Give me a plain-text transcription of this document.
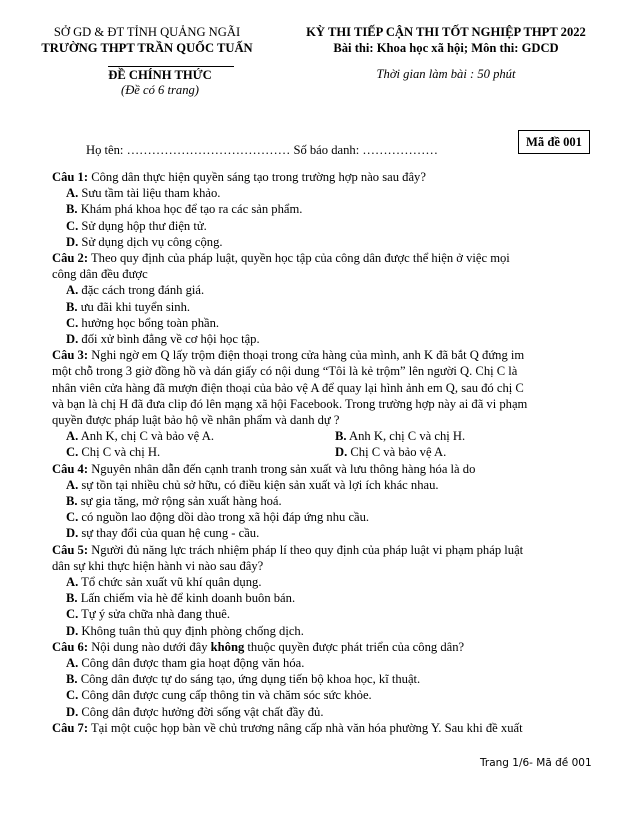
SỞ GD & ĐT TỈNH QUẢNG NGÃI
TRƯỜNG THPT TRẦN QUỐC TUẤN
ĐỀ CHÍNH THỨC
(Đề có 6 trang)
KỲ THI TIẾP CẬN THI TỐT NGHIỆP THPT 2022
Bài thi: Khoa học xã hội; Môn thi: GDCD
Thời gian làm bài : 50 phút
Họ tên: ………………………………… Số báo danh: ………………
Mã đề 001
Câu 1: Công dân thực hiện quyền sáng tạo trong trường hợp nào sau đây?
A. Sưu tầm tài liệu tham khảo.
B. Khám phá khoa học để tạo ra các sản phẩm.
C. Sử dụng hộp thư điện tử.
D. Sử dụng dịch vụ công cộng.
Câu 2: Theo quy định của pháp luật, quyền học tập của công dân được thể hiện ở việc mọi
công dân đều được
A. đặc cách trong đánh giá.
B. ưu đãi khi tuyển sinh.
C. hưởng học bổng toàn phần.
D. đối xử bình đẳng về cơ hội học tập.
Câu 3: Nghi ngờ em Q lấy trộm điện thoại trong cửa hàng của mình, anh K đã bắt Q đứng im
một chỗ trong 3 giờ đồng hồ và dán giấy có nội dung “Tôi là kẻ trộm” lên người Q. Chị C là
nhân viên cửa hàng đã mượn điện thoại của bảo vệ A để quay lại hình ảnh em Q, sau đó chị C
và bạn là chị H đã đưa clip đó lên mạng xã hội Facebook. Trong trường hợp này ai đã vi phạm
quyền được pháp luật bảo hộ về nhân phẩm và danh dự ?
A. Anh K, chị C và bảo vệ A.	B. Anh K, chị C và chị H.
C. Chị C và chị H.	D. Chị C và bảo vệ A.
Câu 4: Nguyên nhân dẫn đến cạnh tranh trong sản xuất và lưu thông hàng hóa là do
A. sự tồn tại nhiều chủ sở hữu, có điều kiện sản xuất và lợi ích khác nhau.
B. sự gia tăng, mở rộng sản xuất hàng hoá.
C. có nguồn lao động dồi dào trong xã hội đáp ứng nhu cầu.
D. sự thay đổi của quan hệ cung - cầu.
Câu 5: Người đủ năng lực trách nhiệm pháp lí theo quy định của pháp luật vi phạm pháp luật
dân sự khi thực hiện hành vi nào sau đây?
A. Tổ chức sản xuất vũ khí quân dụng.
B. Lấn chiếm vỉa hè để kinh doanh buôn bán.
C. Tự ý sửa chữa nhà đang thuê.
D. Không tuân thủ quy định phòng chống dịch.
Câu 6: Nội dung nào dưới đây không thuộc quyền được phát triển của công dân?
A. Công dân được tham gia hoạt động văn hóa.
B. Công dân được tự do sáng tạo, ứng dụng tiến bộ khoa học, kĩ thuật.
C. Công dân được cung cấp thông tin và chăm sóc sức khỏe.
D. Công dân được hưởng đời sống vật chất đầy đủ.
Câu 7: Tại một cuộc họp bàn về chủ trương nâng cấp nhà văn hóa phường Y. Sau khi đề xuất
Trang 1/6- Mã đề 001
